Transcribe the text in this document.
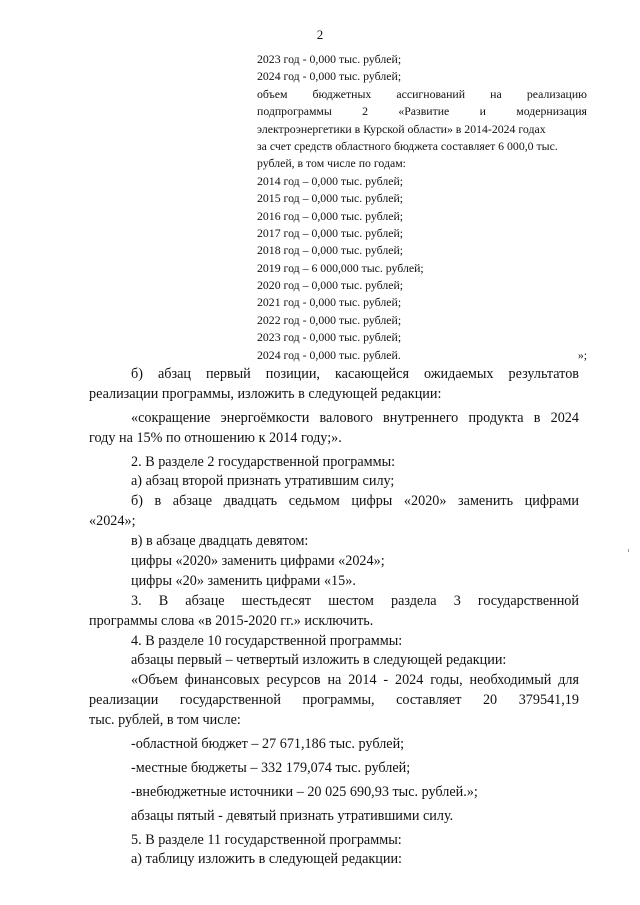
2
2023 год - 0,000 тыс. рублей;
2024 год - 0,000 тыс. рублей;
объем бюджетных ассигнований на реализацию
подпрограммы 2 «Развитие и модернизация
электроэнергетики в Курской области» в 2014-2024 годах
за счет средств областного бюджета составляет 6 000,0 тыс.
рублей, в том числе по годам:
2014 год – 0,000 тыс. рублей;
2015 год – 0,000 тыс. рублей;
2016 год – 0,000 тыс. рублей;
2017 год – 0,000 тыс. рублей;
2018 год – 0,000 тыс. рублей;
2019 год – 6 000,000 тыс. рублей;
2020 год – 0,000 тыс. рублей;
2021 год - 0,000 тыс. рублей;
2022 год - 0,000 тыс. рублей;
2023 год - 0,000 тыс. рублей;
2024 год - 0,000 тыс. рублей.	»;
б) абзац первый позиции, касающейся ожидаемых результатов
реализации программы, изложить в следующей редакции:
«сокращение энергоёмкости валового внутреннего продукта в 2024
году на 15% по отношению к 2014 году;».
2. В разделе 2 государственной программы:
а) абзац второй признать утратившим силу;
б) в абзаце двадцать седьмом цифры «2020» заменить цифрами
«2024»;
в) в абзаце двадцать девятом:
цифры «2020» заменить цифрами «2024»;
цифры «20» заменить цифрами «15».
3. В абзаце шестьдесят шестом раздела 3 государственной
программы слова «в 2015-2020 гг.» исключить.
4. В разделе 10 государственной программы:
абзацы первый – четвертый изложить в следующей редакции:
«Объем финансовых ресурсов на 2014 - 2024 годы, необходимый для
реализации государственной программы, составляет 20 379541,19
тыс. рублей, в том числе:
-областной бюджет – 27 671,186 тыс. рублей;
-местные бюджеты – 332 179,074 тыс. рублей;
-внебюджетные источники – 20 025 690,93 тыс. рублей.»;
абзацы пятый - девятый признать утратившими силу.
5. В разделе 11 государственной программы:
а) таблицу изложить в следующей редакции:
